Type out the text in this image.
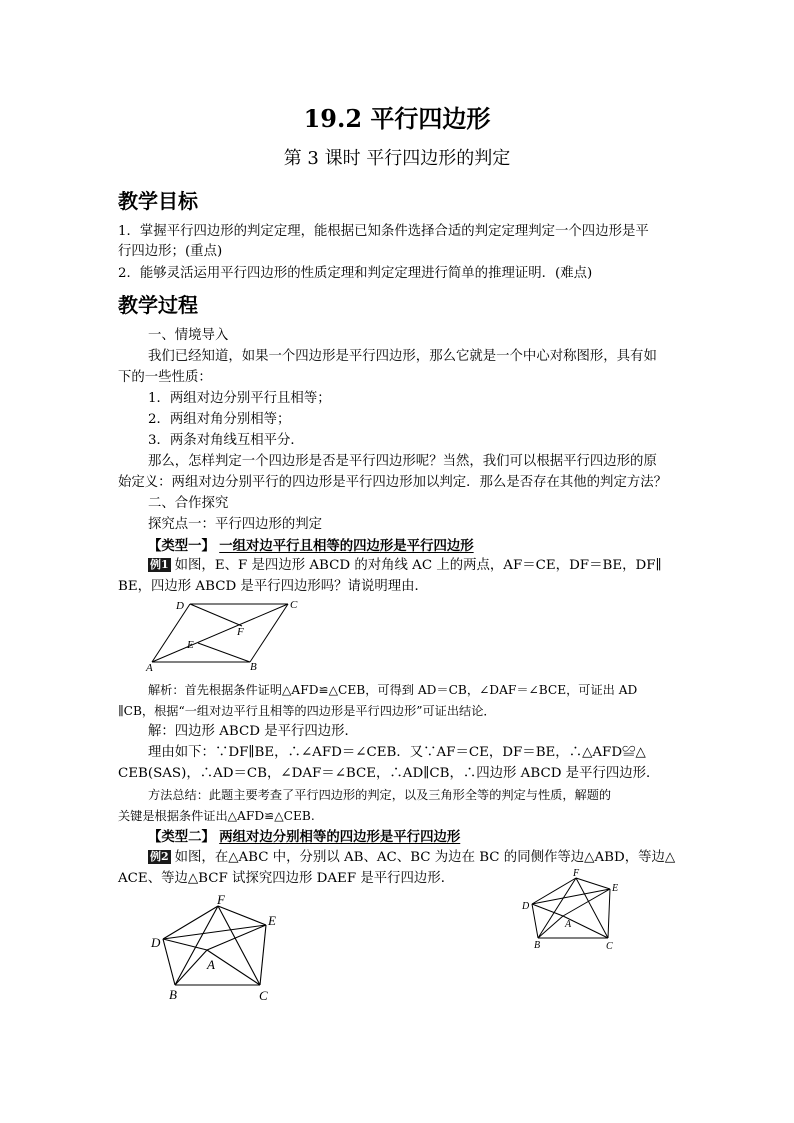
19.2 平行四边形
第 3 课时 平行四边形的判定
教学目标
1．掌握平行四边形的判定定理，能根据已知条件选择合适的判定定理判定一个四边形是平
行四边形；(重点)
2．能够灵活运用平行四边形的性质定理和判定定理进行简单的推理证明．(难点)
教学过程
一、情境导入
我们已经知道，如果一个四边形是平行四边形，那么它就是一个中心对称图形，具有如
下的一些性质：
1．两组对边分别平行且相等；
2．两组对角分别相等；
3．两条对角线互相平分．
那么，怎样判定一个四边形是否是平行四边形呢？当然，我们可以根据平行四边形的原
始定义：两组对边分别平行的四边形是平行四边形加以判定．那么是否存在其他的判定方法？
二、合作探究
探究点一：平行四边形的判定
【类型一】 一组对边平行且相等的四边形是平行四边形
例1 如图，E、F 是四边形 ABCD 的对角线 AC 上的两点，AF＝CE，DF＝BE，DF∥
BE，四边形 ABCD 是平行四边形吗？请说明理由．
D	C
F
E
A	B
解析：首先根据条件证明△AFD≌△CEB，可得到 AD＝CB，∠DAF＝∠BCE，可证出 AD
∥CB，根据“一组对边平行且相等的四边形是平行四边形”可证出结论．
解：四边形 ABCD 是平行四边形．
理由如下：∵DF∥BE，∴∠AFD＝∠CEB．又∵AF＝CE，DF＝BE，∴△AFD≌△
CEB(SAS)，∴AD＝CB，∠DAF＝∠BCE，∴AD∥CB，∴四边形 ABCD 是平行四边形．
方法总结：此题主要考查了平行四边形的判定，以及三角形全等的判定与性质，解题的
关键是根据条件证出△AFD≌△CEB.
【类型二】 两组对边分别相等的四边形是平行四边形
例2 如图，在△ABC 中，分别以 AB、AC、BC 为边在 BC 的同侧作等边△ABD，等边△
ACE、等边△BCF 试探究四边形 DAEF 是平行四边形．
F
E
D
A
B	C
F
E
D
A
B	C
